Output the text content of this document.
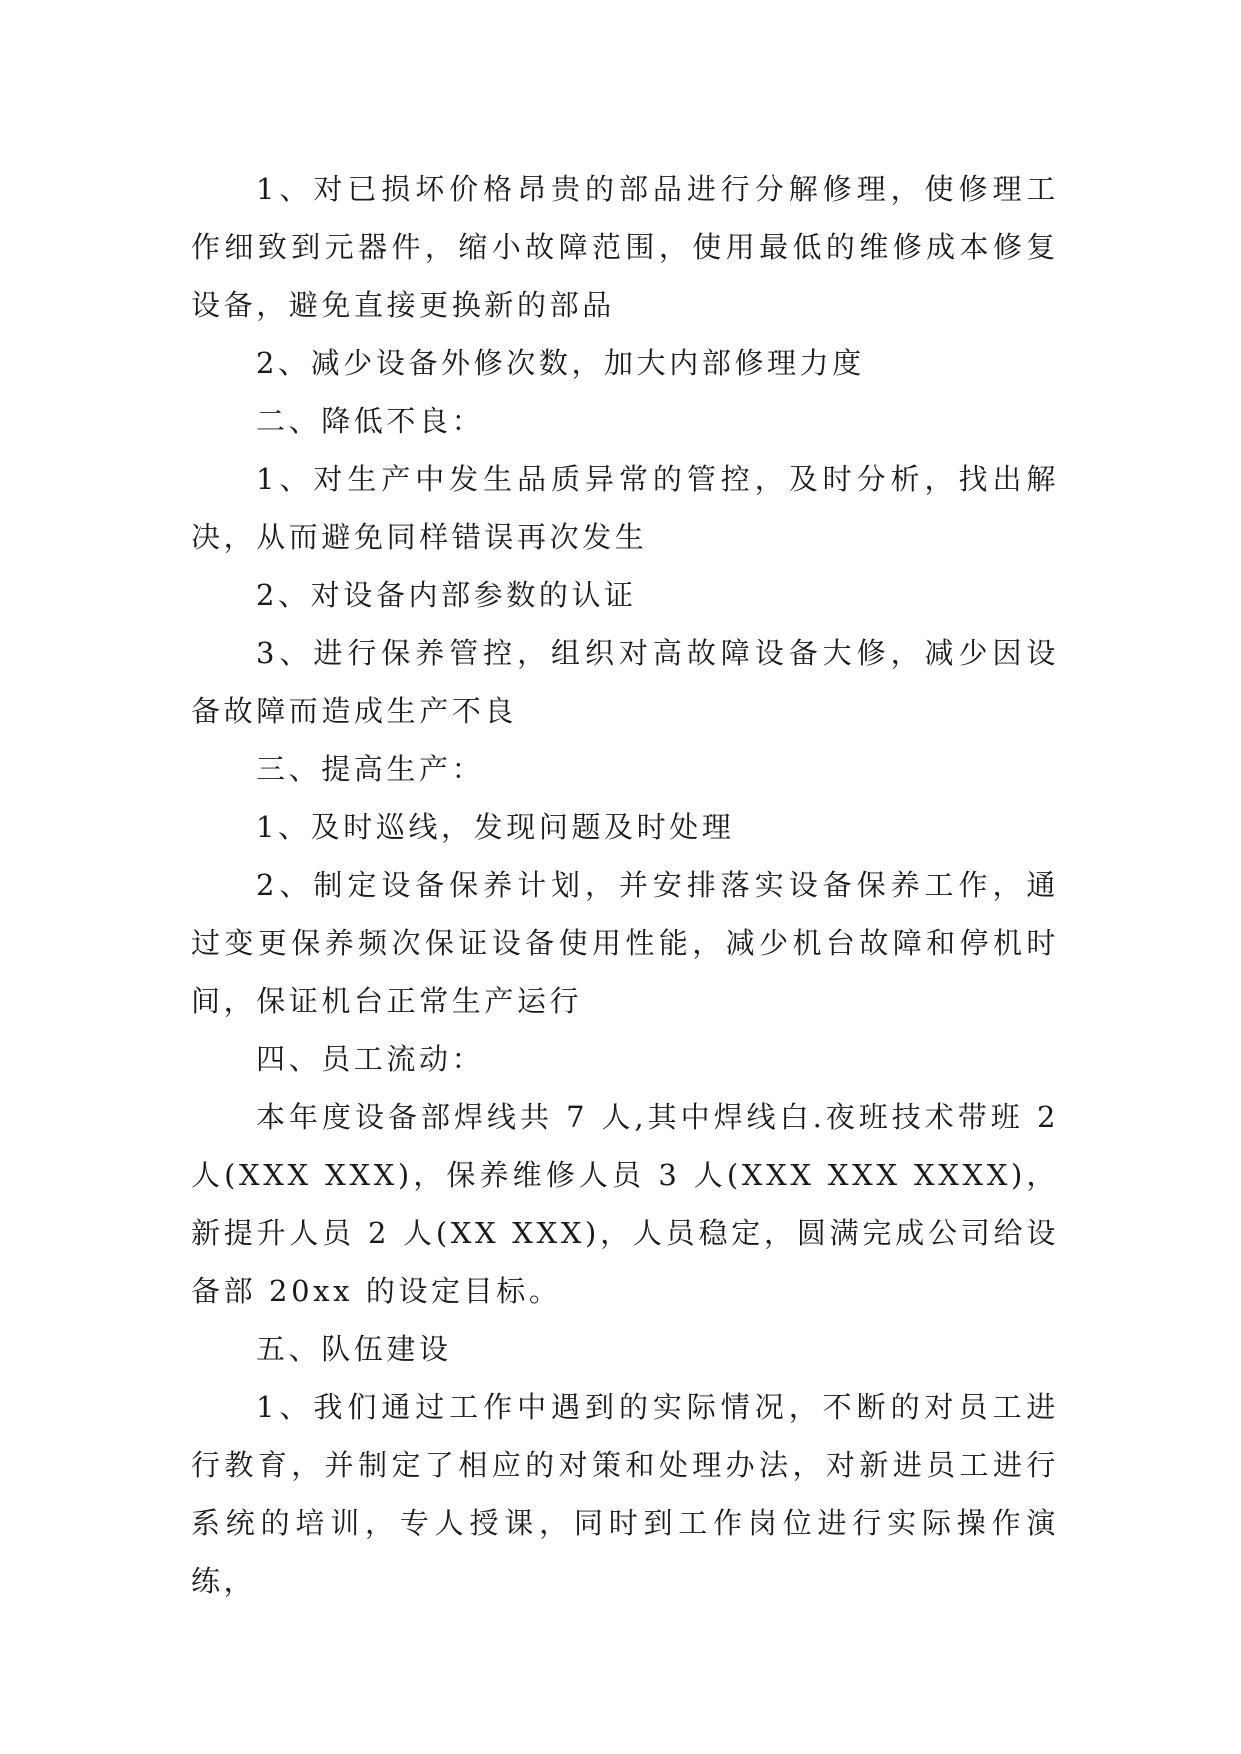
1、对已损坏价格昂贵的部品进行分解修理，使修理工作细致到元器件，缩小故障范围，使用最低的维修成本修复设备，避免直接更换新的部品

2、减少设备外修次数，加大内部修理力度

二、降低不良：

1、对生产中发生品质异常的管控，及时分析，找出解决，从而避免同样错误再次发生

2、对设备内部参数的认证

3、进行保养管控，组织对高故障设备大修，减少因设备故障而造成生产不良

三、提高生产：

1、及时巡线，发现问题及时处理

2、制定设备保养计划，并安排落实设备保养工作，通过变更保养频次保证设备使用性能，减少机台故障和停机时间，保证机台正常生产运行

四、员工流动：

本年度设备部焊线共 7 人,其中焊线白.夜班技术带班 2 人(XXX XXX)，保养维修人员 3 人(XXX XXX XXXX)，新提升人员 2 人(XX XXX)，人员稳定，圆满完成公司给设备部 20xx 的设定目标。

五、队伍建设

1、我们通过工作中遇到的实际情况，不断的对员工进行教育，并制定了相应的对策和处理办法，对新进员工进行系统的培训，专人授课，同时到工作岗位进行实际操作演练，
